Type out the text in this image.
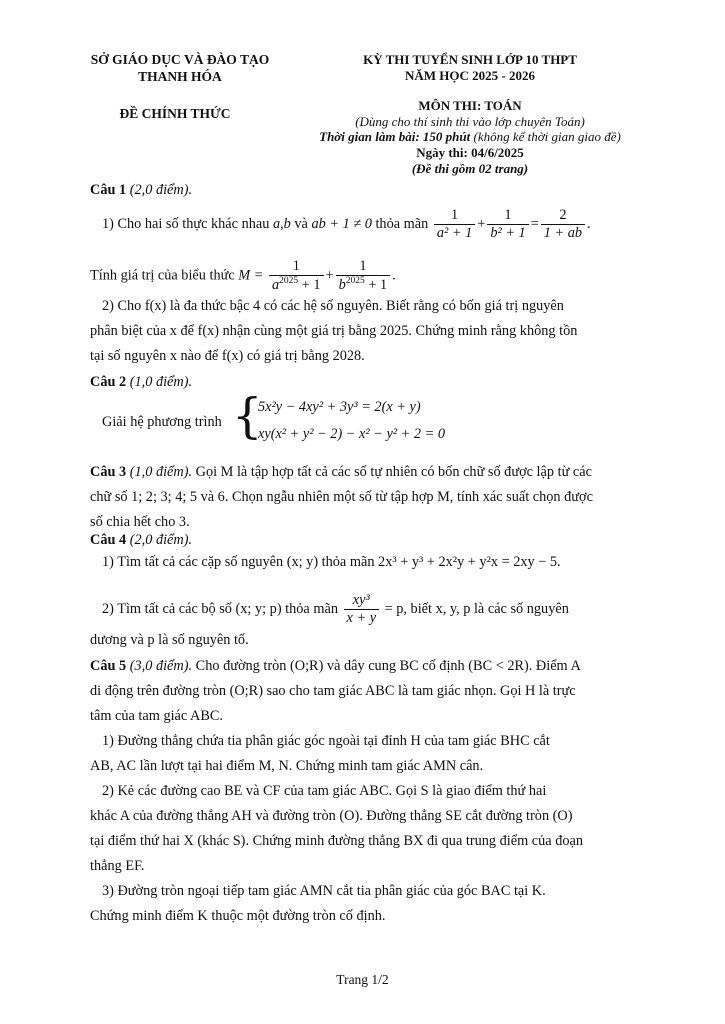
SỞ GIÁO DỤC VÀ ĐÀO TẠO
THANH HÓA
ĐỀ CHÍNH THỨC
KỲ THI TUYỂN SINH LỚP 10 THPT
NĂM HỌC 2025 - 2026
MÔN THI: TOÁN
(Dùng cho thí sinh thi vào lớp chuyên Toán)
Thời gian làm bài: 150 phút (không kể thời gian giao đề)
Ngày thi: 04/6/2025
(Đề thi gồm 02 trang)
Câu 1 (2,0 điểm).
1) Cho hai số thực khác nhau a,b và ab + 1 ≠ 0 thỏa mãn $\frac{1}{\text{a² + 1}} + \frac{1}{\text{b² + 1}} = \frac{2}{1 + ab}$ .
Tính giá trị của biểu thức $M = \frac{1}{a^{2025} + 1} + \frac{1}{b^{2025} + 1}$ .
2) Cho f(x) là đa thức bậc 4 có các hệ số nguyên. Biết rằng có bốn giá trị nguyên
phân biệt của x để f(x) nhận cùng một giá trị bằng 2025. Chứng minh rằng không tồn
tại số nguyên x nào để f(x) có giá trị bằng 2028.
Câu 2 (1,0 điểm).
Giải hệ phương trình {
5x²y − 4xy² + 3y³ = 2(x + y)
xy(x² + y² − 2) − x² − y² + 2 = 0
Câu 3 (1,0 điểm). Gọi M là tập hợp tất cả các số tự nhiên có bốn chữ số được lập từ các
chữ số 1; 2; 3; 4; 5 và 6. Chọn ngẫu nhiên một số từ tập hợp M, tính xác suất chọn được
số chia hết cho 3.
Câu 4 (2,0 điểm).
1) Tìm tất cả các cặp số nguyên (x; y) thỏa mãn 2x³ + y³ + 2x²y + y²x = 2xy − 5.
2) Tìm tất cả các bộ số (x; y; p) thỏa mãn $\frac{\text{xy³}}{x + y} = p$, biết x, y, p là các số nguyên
dương và p là số nguyên tố.
Câu 5 (3,0 điểm). Cho đường tròn (O;R) và dây cung BC cố định (BC < 2R). Điểm A
di động trên đường tròn (O;R) sao cho tam giác ABC là tam giác nhọn. Gọi H là trực
tâm của tam giác ABC.
1) Đường thẳng chứa tia phân giác góc ngoài tại đỉnh H của tam giác BHC cắt
AB, AC lần lượt tại hai điểm M, N. Chứng minh tam giác AMN cân.
2) Kẻ các đường cao BE và CF của tam giác ABC. Gọi S là giao điểm thứ hai
khác A của đường thẳng AH và đường tròn (O). Đường thẳng SE cắt đường tròn (O)
tại điểm thứ hai X (khác S). Chứng minh đường thẳng BX đi qua trung điểm của đoạn
thẳng EF.
3) Đường tròn ngoại tiếp tam giác AMN cắt tia phân giác của góc BAC tại K.
Chứng minh điểm K thuộc một đường tròn cố định.
Trang 1/2
